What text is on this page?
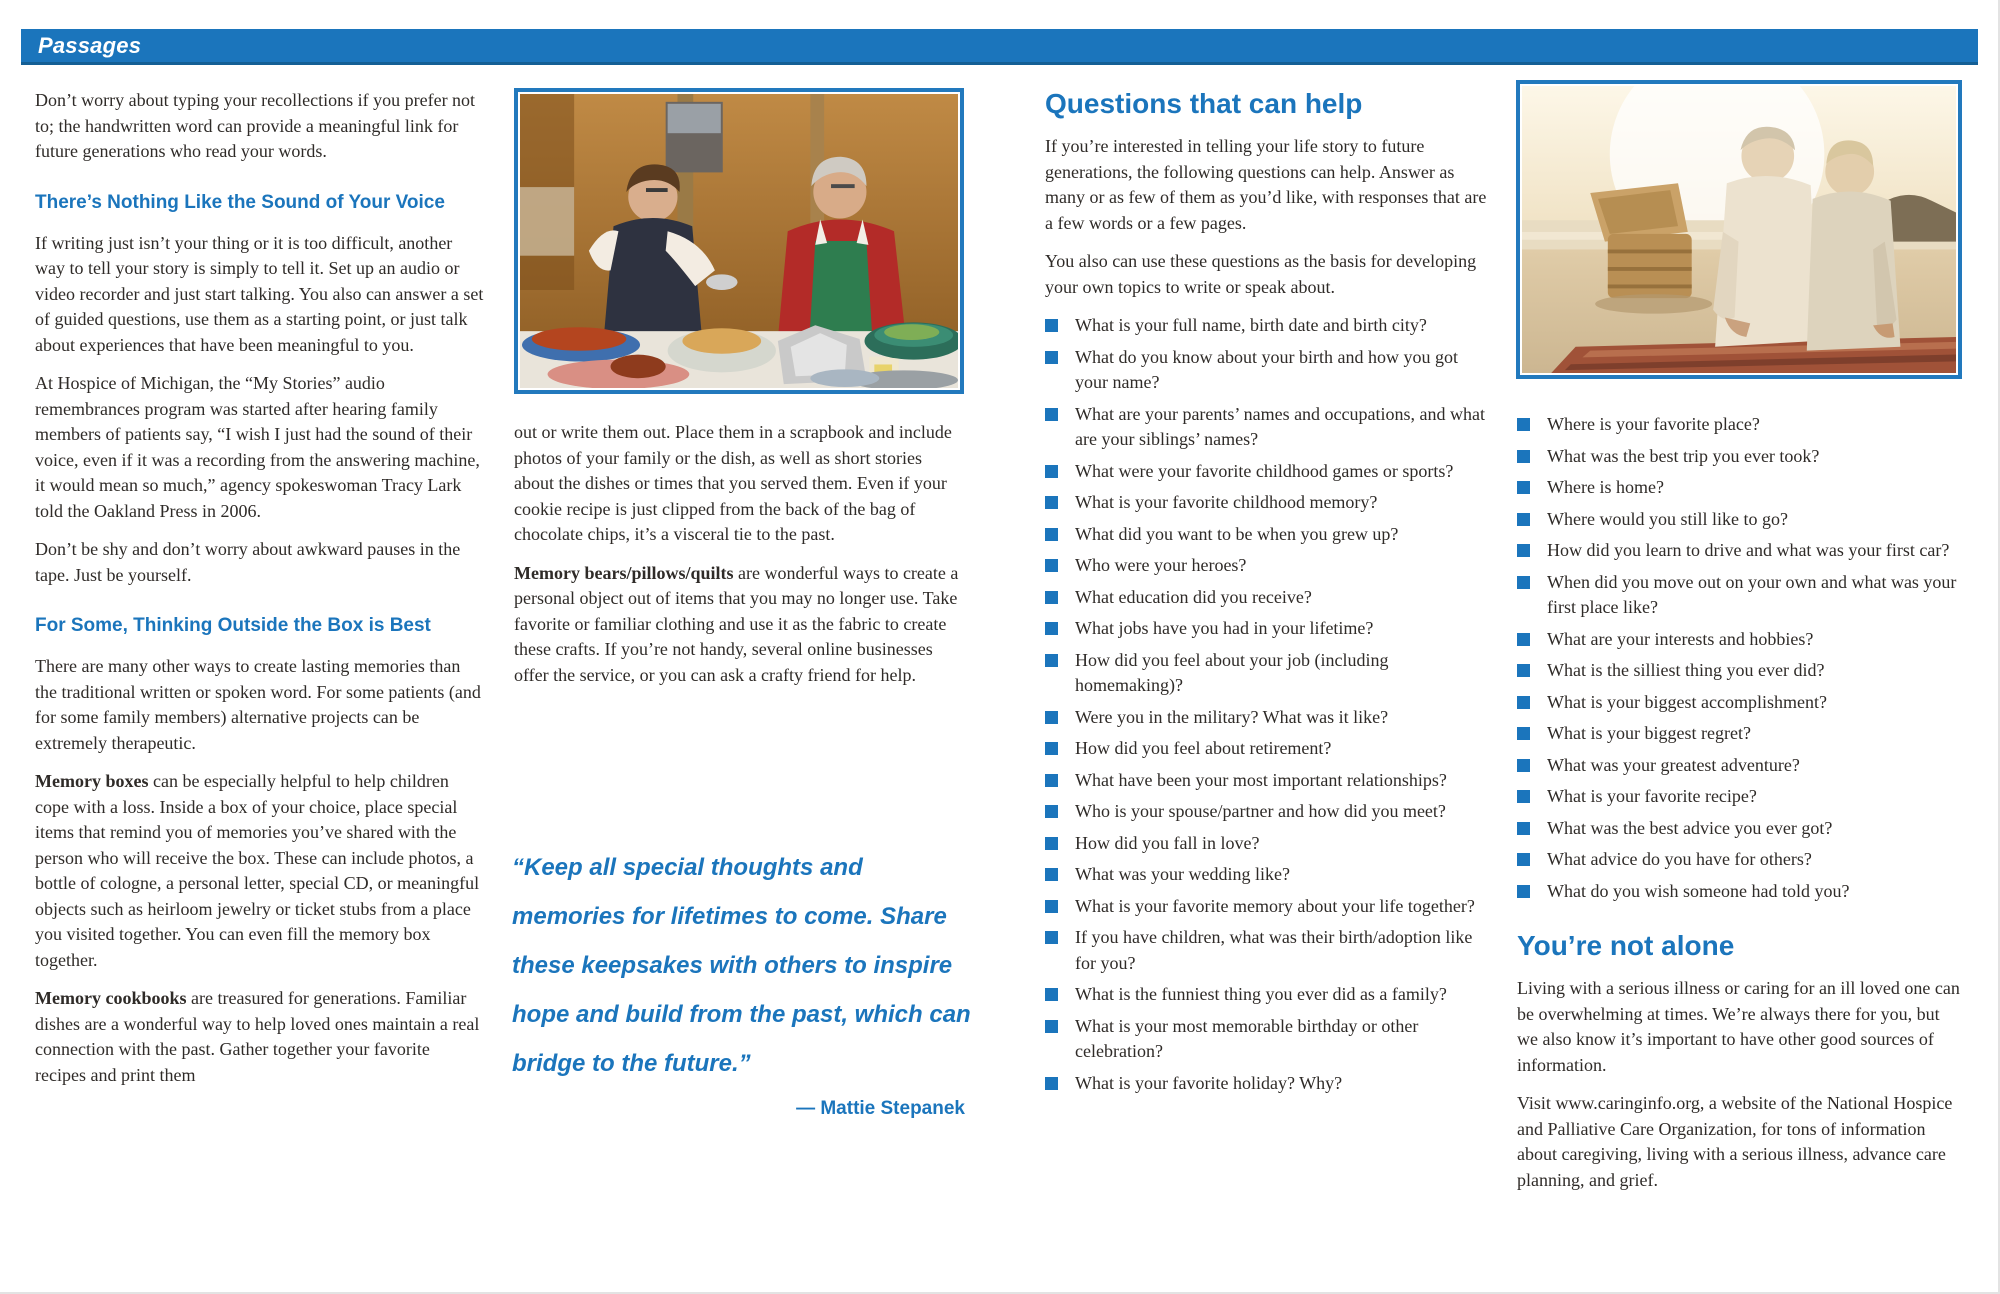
Passages

Don’t worry about typing your recollections if you prefer not to; the handwritten word can provide a meaningful link for future generations who read your words.

There’s Nothing Like the Sound of Your Voice

If writing just isn’t your thing or it is too difficult, another way to tell your story is simply to tell it. Set up an audio or video recorder and just start talking. You also can answer a set of guided questions, use them as a starting point, or just talk about experiences that have been meaningful to you.

At Hospice of Michigan, the “My Stories” audio remembrances program was started after hearing family members of patients say, “I wish I just had the sound of their voice, even if it was a recording from the answering machine, it would mean so much,” agency spokeswoman Tracy Lark told the Oakland Press in 2006.

Don’t be shy and don’t worry about awkward pauses in the tape. Just be yourself.

For Some, Thinking Outside the Box is Best

There are many other ways to create lasting memories than the traditional written or spoken word. For some patients (and for some family members) alternative projects can be extremely therapeutic.

Memory boxes can be especially helpful to help children cope with a loss. Inside a box of your choice, place special items that remind you of memories you’ve shared with the person who will receive the box. These can include photos, a bottle of cologne, a personal letter, special CD, or meaningful objects such as heirloom jewelry or ticket stubs from a place you visited together. You can even fill the memory box together.

Memory cookbooks are treasured for generations. Familiar dishes are a wonderful way to help loved ones maintain a real connection with the past. Gather together your favorite recipes and print them

out or write them out. Place them in a scrapbook and include photos of your family or the dish, as well as short stories about the dishes or times that you served them. Even if your cookie recipe is just clipped from the back of the bag of chocolate chips, it’s a visceral tie to the past.

Memory bears/pillows/quilts are wonderful ways to create a personal object out of items that you may no longer use. Take favorite or familiar clothing and use it as the fabric to create these crafts. If you’re not handy, several online businesses offer the service, or you can ask a crafty friend for help.

“Keep all special thoughts and memories for lifetimes to come. Share these keepsakes with others to inspire hope and build from the past, which can bridge to the future.”
— Mattie Stepanek
Questions that can help

If you’re interested in telling your life story to future generations, the following questions can help. Answer as many or as few of them as you’d like, with responses that are a few words or a few pages.

You also can use these questions as the basis for developing your own topics to write or speak about.

What is your full name, birth date and birth city?
What do you know about your birth and how you got your name?
What are your parents’ names and occupations, and what are your siblings’ names?
What were your favorite childhood games or sports?
What is your favorite childhood memory?
What did you want to be when you grew up?
Who were your heroes?
What education did you receive?
What jobs have you had in your lifetime?
How did you feel about your job (including homemaking)?
Were you in the military? What was it like?
How did you feel about retirement?
What have been your most important relationships?
Who is your spouse/partner and how did you meet?
How did you fall in love?
What was your wedding like?
What is your favorite memory about your life together?
If you have children, what was their birth/adoption like for you?
What is the funniest thing you ever did as a family?
What is your most memorable birthday or other celebration?
What is your favorite holiday? Why?
Where is your favorite place?
What was the best trip you ever took?
Where is home?
Where would you still like to go?
How did you learn to drive and what was your first car?
When did you move out on your own and what was your first place like?
What are your interests and hobbies?
What is the silliest thing you ever did?
What is your biggest accomplishment?
What is your biggest regret?
What was your greatest adventure?
What is your favorite recipe?
What was the best advice you ever got?
What advice do you have for others?
What do you wish someone had told you?
You’re not alone

Living with a serious illness or caring for an ill loved one can be overwhelming at times. We’re always there for you, but we also know it’s important to have other good sources of information.

Visit www.caringinfo.org, a website of the National Hospice and Palliative Care Organization, for tons of information about caregiving, living with a serious illness, advance care planning, and grief.
